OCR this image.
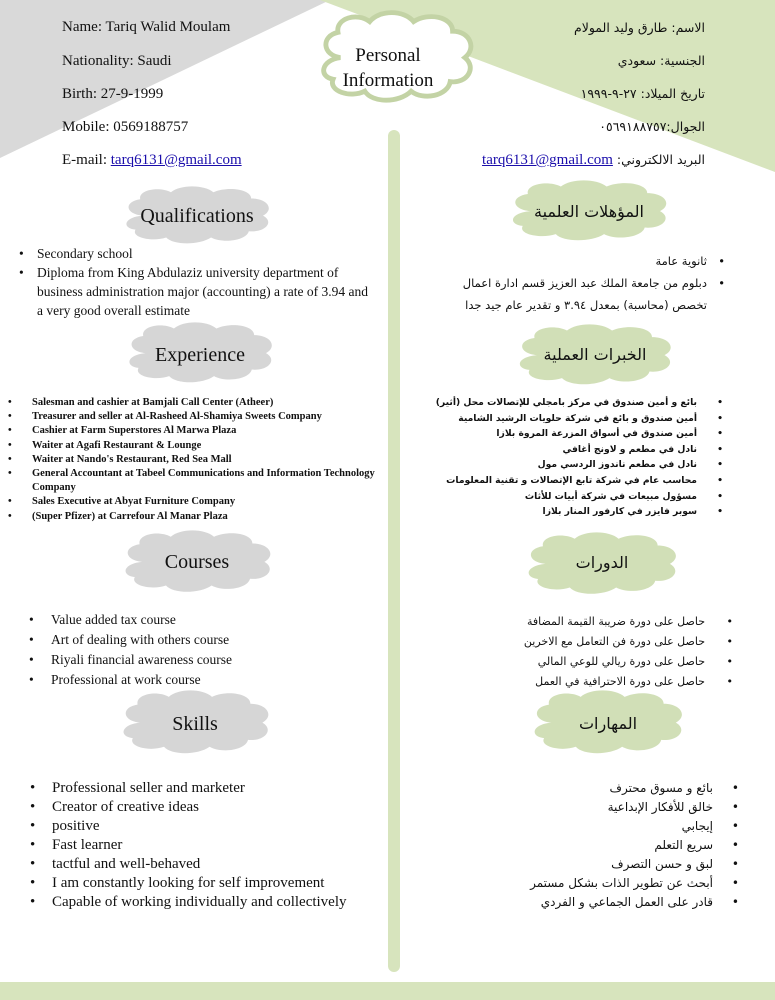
Personal
Information
Name: Tariq Walid Moulam
Nationality: Saudi
Birth: 27-9-1999
Mobile: 0569188757
E-mail: tarq6131@gmail.com
الاسم: طارق وليد المولام
الجنسية: سعودي
تاريخ الميلاد: ٢٧-٩-١٩٩٩
الجوال:٠٥٦٩١٨٨٧٥٧
البريد الالكتروني: tarq6131@gmail.com
Qualifications	المؤهلات العلمية
Experience	الخبرات العملية
Courses	الدورات
Skills	المهارات
• Secondary school
• Diploma from King Abdulaziz university department of business administration major (accounting) a rate of 3.94 and a very good overall estimate
• ثانوية عامة
• دبلوم من جامعة الملك عبد العزيز قسم ادارة اعمال تخصص (محاسبة) بمعدل ٣.٩٤ و تقدير عام جيد جدا
• Salesman and cashier at Bamjali Call Center (Atheer)
• Treasurer and seller at Al-Rasheed Al-Shamiya Sweets Company
• Cashier at Farm Superstores Al Marwa Plaza
• Waiter at Agafi Restaurant & Lounge
• Waiter at Nando's Restaurant, Red Sea Mall
• General Accountant at Tabeel Communications and Information Technology Company
• Sales Executive at Abyat Furniture Company
• (Super Pfizer) at Carrefour Al Manar Plaza
• بائع و أمين صندوق في مركز بامجلي للإتصالات محل (أثير)
• أمين صندوق و بائع في شركة حلويات الرشيد الشامية
• أمين صندوق في أسواق المزرعة المروة بلازا
• نادل في مطعم و لاونج أغافي
• نادل في مطعم ناندوز الردسي مول
• محاسب عام في شركة تابع الإتصالات و تقنية المعلومات
• مسؤول مبيعات في شركة أبيات للأثاث
• سوبر فايزر في كارفور المنار بلازا
• Value added tax course
• Art of dealing with others course
• Riyali financial awareness course
• Professional at work course
• حاصل على دورة ضريبة القيمة المضافة
• حاصل على دورة فن التعامل مع الاخرين
• حاصل على دورة ريالي للوعي المالي
• حاصل على دورة الاحترافية في العمل
• Professional seller and marketer
• Creator of creative ideas
• positive
• Fast learner
• tactful and well-behaved
• I am constantly looking for self improvement
• Capable of working individually and collectively
• بائع و مسوق محترف
• خالق للأفكار الإبداعية
• إيجابي
• سريع التعلم
• لبق و حسن التصرف
• أبحث عن تطوير الذات بشكل مستمر
• قادر على العمل الجماعي و الفردي
